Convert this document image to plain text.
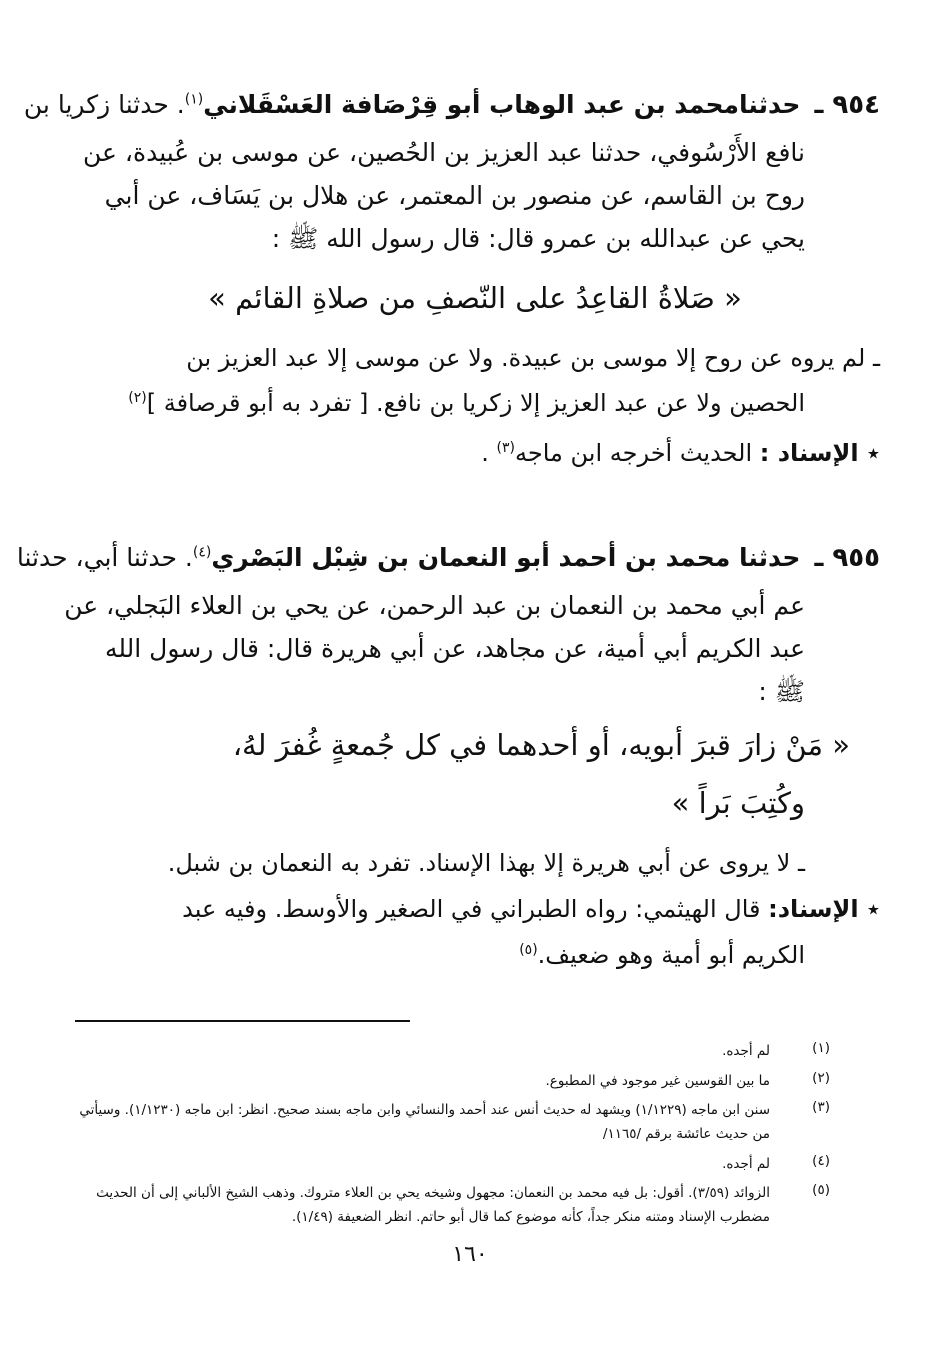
٩٥٤ ـ
حدثنامحمد بن عبد الوهاب أبو قِرْصَافة العَسْقَلاني$^{(١)}$. حدثنا زكريا بن
نافع الأَرْسُوفي، حدثنا عبد العزيز بن الحُصين، عن موسى بن عُبيدة، عن
روح بن القاسم، عن منصور بن المعتمر، عن هلال بن يَسَاف، عن أبي
يحي عن عبدالله بن عمرو قال: قال رسول الله ﷺ :
« صَلاةُ القاعِدُ على النّصفِ من صلاةِ القائم »
ـ لم يروه عن روح إلا موسى بن عبيدة. ولا عن موسى إلا عبد العزيز بن
الحصين ولا عن عبد العزيز إلا زكريا بن نافع. [ تفرد به أبو قرصافة ]$^{(٢)}$
٭ الإسناد : الحديث أخرجه ابن ماجه$^{(٣)}$ .
٩٥٥ ـ
حدثنا محمد بن أحمد أبو النعمان بن شِبْل البَصْري$^{(٤)}$. حدثنا أبي، حدثنا
عم أبي محمد بن النعمان بن عبد الرحمن، عن يحي بن العلاء البَجلي، عن
عبد الكريم أبي أمية، عن مجاهد، عن أبي هريرة قال: قال رسول الله
ﷺ :
« مَنْ زارَ قبرَ أبويه، أو أحدهما في كل جُمعةٍ غُفرَ لهُ،
وكُتِبَ بَراً »
ـ لا يروى عن أبي هريرة إلا بهذا الإسناد. تفرد به النعمان بن شبل.
٭ الإسناد: قال الهيثمي: رواه الطبراني في الصغير والأوسط. وفيه عبد
الكريم أبو أمية وهو ضعيف.$^{(٥)}$
(١)
لم أجده.
(٢)
ما بين القوسين غير موجود في المطبوع.
(٣)
سنن ابن ماجه (١/١٢٢٩) ويشهد له حديث أنس عند أحمد والنسائي وابن ماجه بسند صحيح. انظر: ابن ماجه (١/١٢٣٠). وسيأتي من حديث عائشة برقم /١١٦٥/
(٤)
لم أجده.
(٥)
الزوائد (٣/٥٩). أقول: بل فيه محمد بن النعمان: مجهول وشيخه يحي بن العلاء متروك. وذهب الشيخ الألباني إلى أن الحديث مضطرب الإسناد ومتنه منكر جداً، كأنه موضوع كما قال أبو حاتم. انظر الضعيفة (١/٤٩).
١٦٠
